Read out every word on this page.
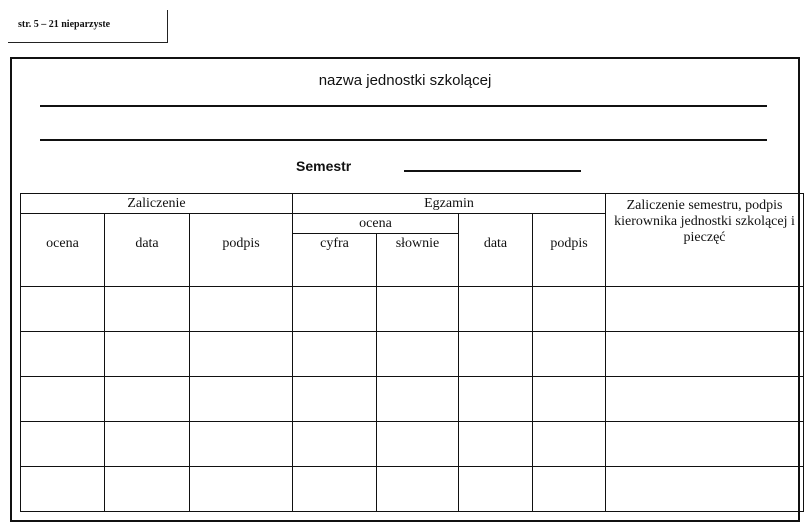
str. 5 – 21 nieparzyste
nazwa jednostki szkolącej
Semestr
Zaliczenie			Egzamin				Zaliczenie semestru, podpis kierownika jednostki szkolącej i pieczęć
ocena	data	podpis	ocena		data	podpis	
			cyfra	słownie			
